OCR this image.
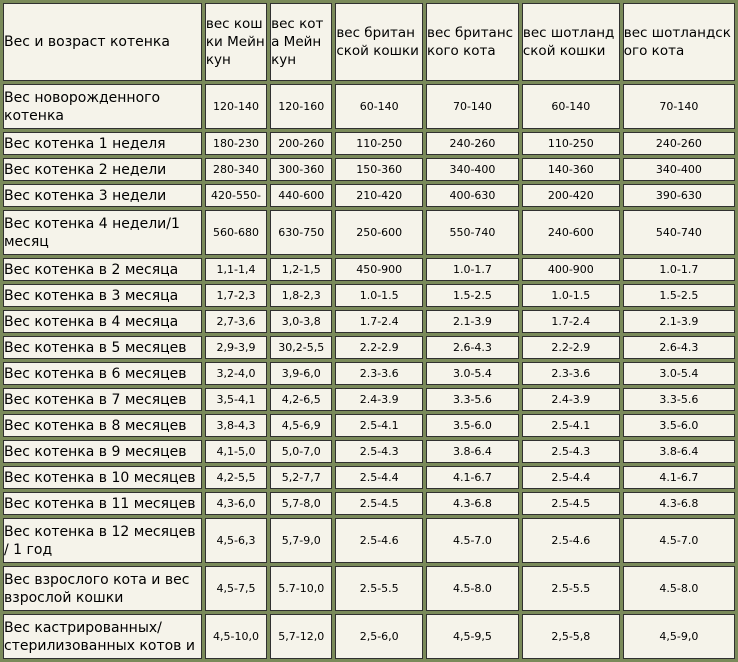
Вес и возраст котенка	вес кошки Мейн кун	вес кота Мейн кун	вес британской кошки	вес британского кота	вес шотландской кошки	вес шотландского кота
Вес новорожденного котенка	120-140	120-160	60-140	70-140	60-140	70-140
Вес котенка 1 неделя	180-230	200-260	110-250	240-260	110-250	240-260
Вес котенка 2 недели	280-340	300-360	150-360	340-400	140-360	340-400
Вес котенка 3 недели	420-550-	440-600	210-420	400-630	200-420	390-630
Вес котенка 4 недели/1 месяц	560-680	630-750	250-600	550-740	240-600	540-740
Вес котенка в 2 месяца	1,1-1,4	1,2-1,5	450-900	1.0-1.7	400-900	1.0-1.7
Вес котенка в 3 месяца	1,7-2,3	1,8-2,3	1.0-1.5	1.5-2.5	1.0-1.5	1.5-2.5
Вес котенка в 4 месяца	2,7-3,6	3,0-3,8	1.7-2.4	2.1-3.9	1.7-2.4	2.1-3.9
Вес котенка в 5 месяцев	2,9-3,9	30,2-5,5	2.2-2.9	2.6-4.3	2.2-2.9	2.6-4.3
Вес котенка в 6 месяцев	3,2-4,0	3,9-6,0	2.3-3.6	3.0-5.4	2.3-3.6	3.0-5.4
Вес котенка в 7 месяцев	3,5-4,1	4,2-6,5	2.4-3.9	3.3-5.6	2.4-3.9	3.3-5.6
Вес котенка в 8 месяцев	3,8-4,3	4,5-6,9	2.5-4.1	3.5-6.0	2.5-4.1	3.5-6.0
Вес котенка в 9 месяцев	4,1-5,0	5,0-7,0	2.5-4.3	3.8-6.4	2.5-4.3	3.8-6.4
Вес котенка в 10 месяцев	4,2-5,5	5,2-7,7	2.5-4.4	4.1-6.7	2.5-4.4	4.1-6.7
Вес котенка в 11 месяцев	4,3-6,0	5,7-8,0	2.5-4.5	4.3-6.8	2.5-4.5	4.3-6.8
Вес котенка в 12 месяцев / 1 год	4,5-6,3	5,7-9,0	2.5-4.6	4.5-7.0	2.5-4.6	4.5-7.0
Вес взрослого кота и вес взрослой кошки	4,5-7,5	5.7-10,0	2.5-5.5	4.5-8.0	2.5-5.5	4.5-8.0
Вес кастрированных/ стерилизованных котов и	4,5-10,0	5,7-12,0	2,5-6,0	4,5-9,5	2,5-5,8	4,5-9,0
